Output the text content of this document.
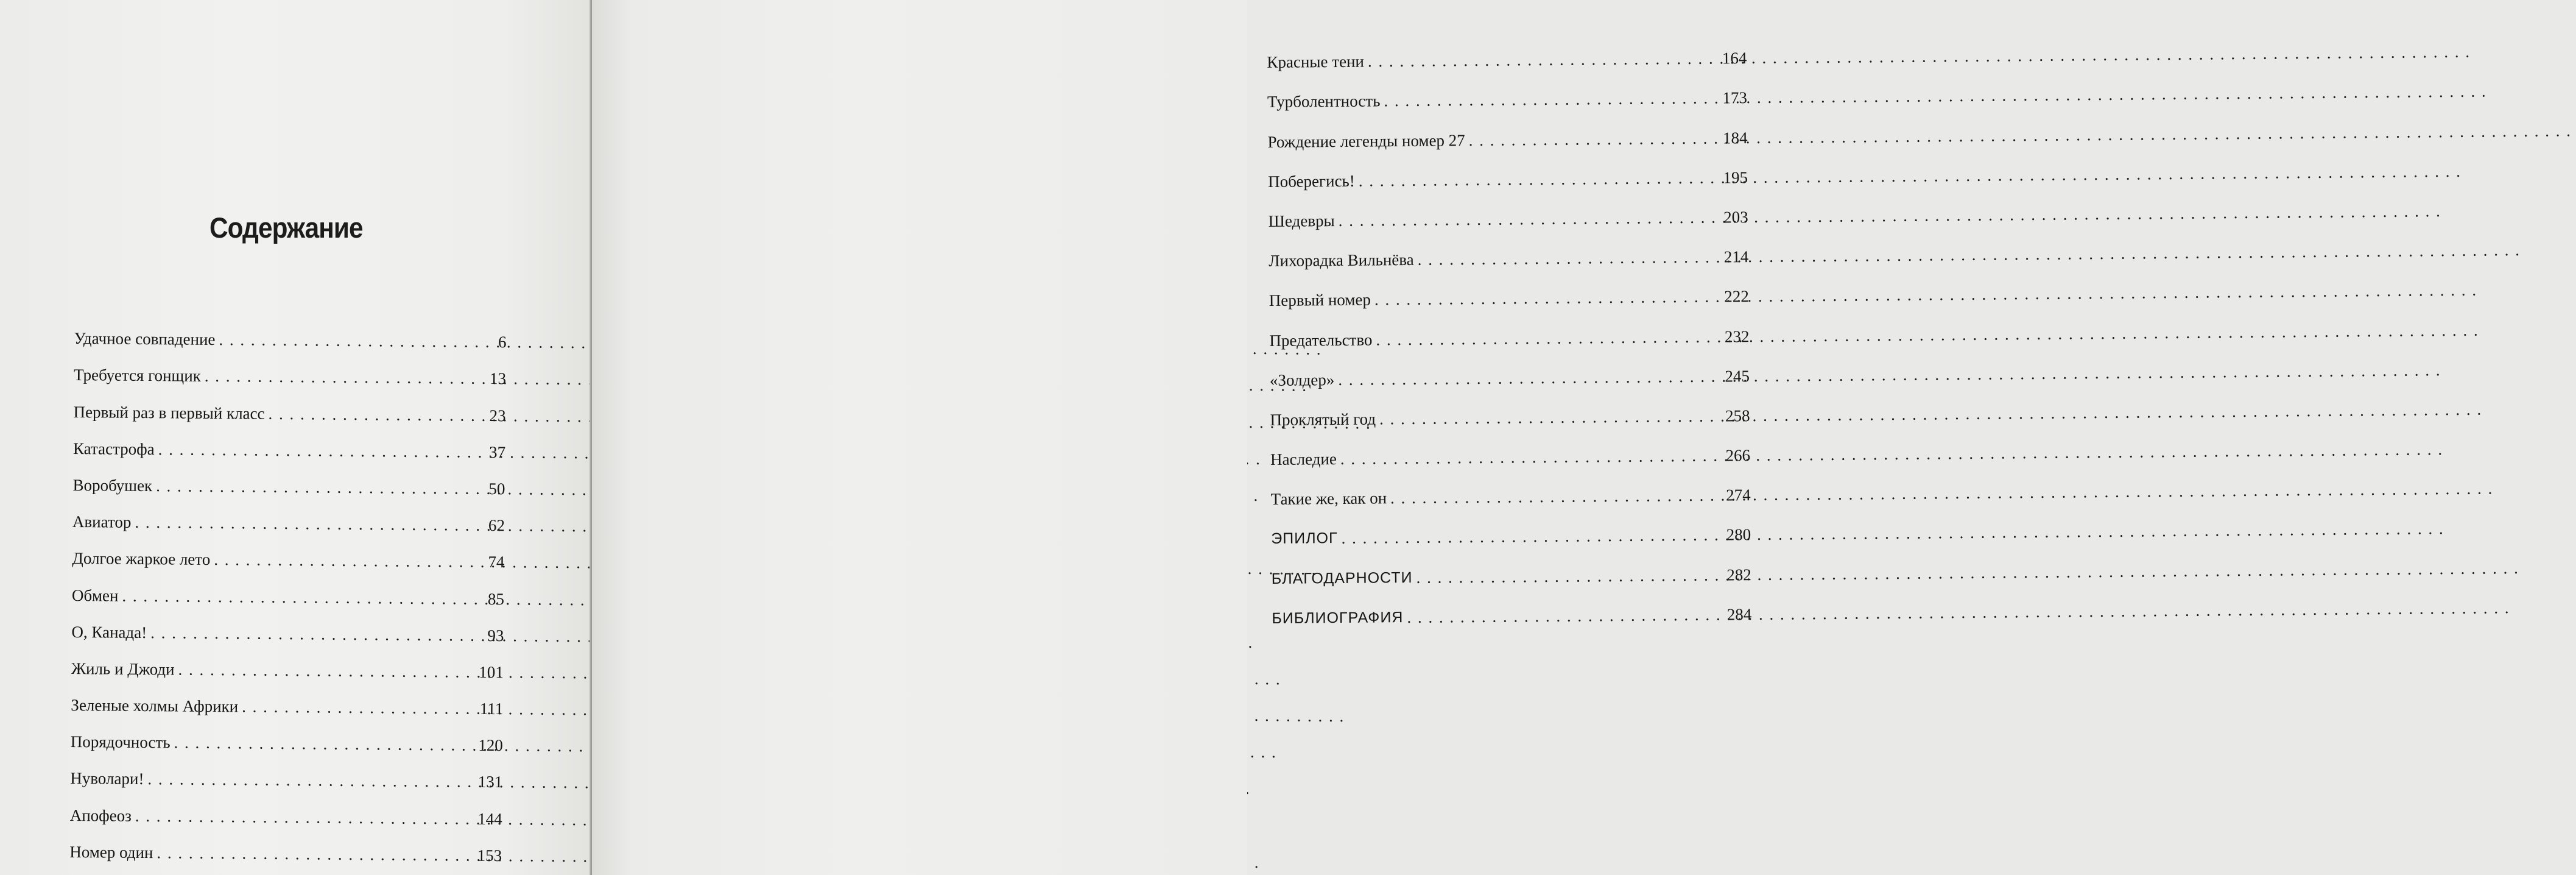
Содержание
Удачное совпадение . . .	6
Требуется гонщик . . .	13
Первый раз в первый класс . . .	23
Катастрофа . . .	37
Воробушек . . .	50
Авиатор . . .	62
Долгое жаркое лето . . .	74
Обмен . . .	85
О, Канада! . . .	93
Жиль и Джоди . . .	101
Зеленые холмы Африки . . .	111
Порядочность . . .	120
Нуволари! . . .	131
Апофеоз . . .	144
Номер один . . .	153
Красные тени . . .	164
Турболентность . . .	173
Рождение легенды номер 27 . . .	184
Поберегись! . . .	195
Шедевры . . .	203
Лихорадка Вильнёва . . .	214
Первый номер . . .	222
Предательство . . .	232
«Золдер» . . .	245
Проклятый год . . .	258
Наследие . . .	266
Такие же, как он . . .	274
ЭПИЛОГ . . .	280
БЛАГОДАРНОСТИ . . .	282
БИБЛИОГРАФИЯ . . .	284
